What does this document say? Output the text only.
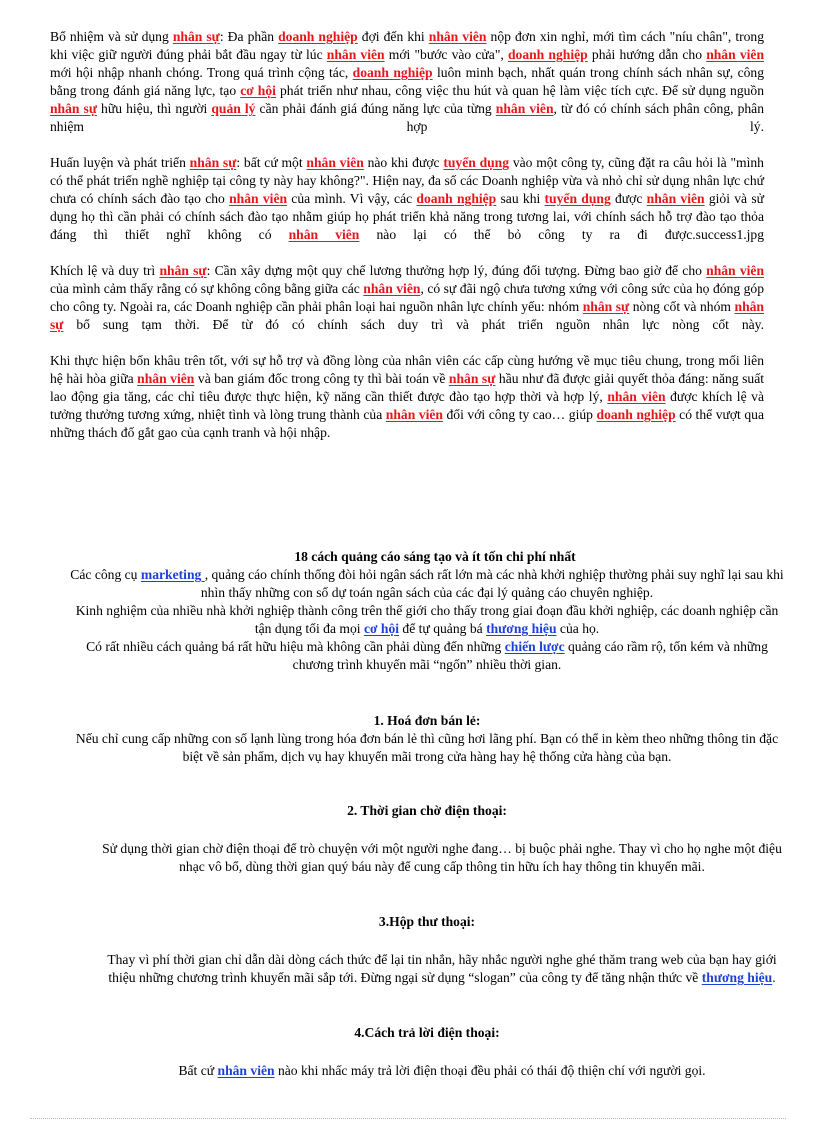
Bổ nhiệm và sử dụng nhân sự: Đa phần doanh nghiệp đợi đến khi nhân viên nộp đơn xin nghỉ, mới tìm cách "níu chân", trong khi việc giữ người đúng phải bắt đầu ngay từ lúc nhân viên mới "bước vào cửa", doanh nghiệp phải hướng dẫn cho nhân viên mới hội nhập nhanh chóng. Trong quá trình cộng tác, doanh nghiệp luôn minh bạch, nhất quán trong chính sách nhân sự, công bằng trong đánh giá năng lực, tạo cơ hội phát triển như nhau, công việc thu hút và quan hệ làm việc tích cực. Để sử dụng nguồn nhân sự hữu hiệu, thì người quản lý cần phải đánh giá đúng năng lực của từng nhân viên, từ đó có chính sách phân công, phân nhiệm hợp lý.

Huấn luyện và phát triển nhân sự: bất cứ một nhân viên nào khi được tuyển dụng vào một công ty, cũng đặt ra câu hỏi là "mình có thể phát triển nghề nghiệp tại công ty này hay không?". Hiện nay, đa số các Doanh nghiệp vừa và nhỏ chỉ sử dụng nhân lực chứ chưa có chính sách đào tạo cho nhân viên của mình. Vì vậy, các doanh nghiệp sau khi tuyển dụng được nhân viên giỏi và sử dụng họ thì cần phải có chính sách đào tạo nhằm giúp họ phát triển khả năng trong tương lai, với chính sách hỗ trợ đào tạo thỏa đáng thì thiết nghĩ không có nhân viên nào lại có thể bỏ công ty ra đi được.success1.jpg

Khích lệ và duy trì nhân sự: Cần xây dựng một quy chế lương thưởng hợp lý, đúng đối tượng. Đừng bao giờ để cho nhân viên của mình cảm thấy rằng có sự không công bằng giữa các nhân viên, có sự đãi ngộ chưa tương xứng với công sức của họ đóng góp cho công ty. Ngoài ra, các Doanh nghiệp cần phải phân loại hai nguồn nhân lực chính yếu: nhóm nhân sự nòng cốt và nhóm nhân sự bổ sung tạm thời. Để từ đó có chính sách duy trì và phát triển nguồn nhân lực nòng cốt này.

Khi thực hiện bốn khâu trên tốt, với sự hỗ trợ và đồng lòng của nhân viên các cấp cùng hướng về mục tiêu chung, trong mối liên hệ hài hòa giữa nhân viên và ban giám đốc trong công ty thì bài toán về nhân sự hầu như đã được giải quyết thỏa đáng: năng suất lao động gia tăng, các chỉ tiêu được thực hiện, kỹ năng cần thiết được đào tạo hợp thời và hợp lý, nhân viên được khích lệ và tưởng thưởng tương xứng, nhiệt tình và lòng trung thành của nhân viên đối với công ty cao… giúp doanh nghiệp có thể vượt qua những thách đố gắt gao của cạnh tranh và hội nhập.

18 cách quảng cáo sáng tạo và ít tốn chi phí nhất

Các công cụ marketing , quảng cáo chính thống đòi hỏi ngân sách rất lớn mà các nhà khởi nghiệp thường phải suy nghĩ lại sau khi nhìn thấy những con số dự toán ngân sách của các đại lý quảng cáo chuyên nghiệp.

Kinh nghiệm của nhiều nhà khởi nghiệp thành công trên thế giới cho thấy trong giai đoạn đầu khởi nghiệp, các doanh nghiệp cần tận dụng tối đa mọi cơ hội để tự quảng bá thương hiệu của họ.

Có rất nhiều cách quảng bá rất hữu hiệu mà không cần phải dùng đến những chiến lược quảng cáo rầm rộ, tốn kém và những chương trình khuyến mãi “ngốn” nhiều thời gian.

1. Hoá đơn bán lẻ:

Nếu chỉ cung cấp những con số lạnh lùng trong hóa đơn bán lẻ thì cũng hơi lãng phí. Bạn có thể in kèm theo những thông tin đặc biệt về sản phẩm, dịch vụ hay khuyến mãi trong cửa hàng hay hệ thống cửa hàng của bạn.

2. Thời gian chờ điện thoại:

Sử dụng thời gian chờ điện thoại để trò chuyện với một người nghe đang… bị buộc phải nghe. Thay vì cho họ nghe một điệu nhạc vô bổ, dùng thời gian quý báu này để cung cấp thông tin hữu ích hay thông tin khuyến mãi.

3.Hộp thư thoại:

Thay vì phí thời gian chỉ dẫn dài dòng cách thức để lại tin nhắn, hãy nhắc người nghe ghé thăm trang web của bạn hay giới thiệu những chương trình khuyến mãi sắp tới. Đừng ngại sử dụng “slogan” của công ty để tăng nhận thức về thương hiệu.

4.Cách trả lời điện thoại:

Bất cứ nhân viên nào khi nhấc máy trả lời điện thoại đều phải có thái độ thiện chí với người gọi.
